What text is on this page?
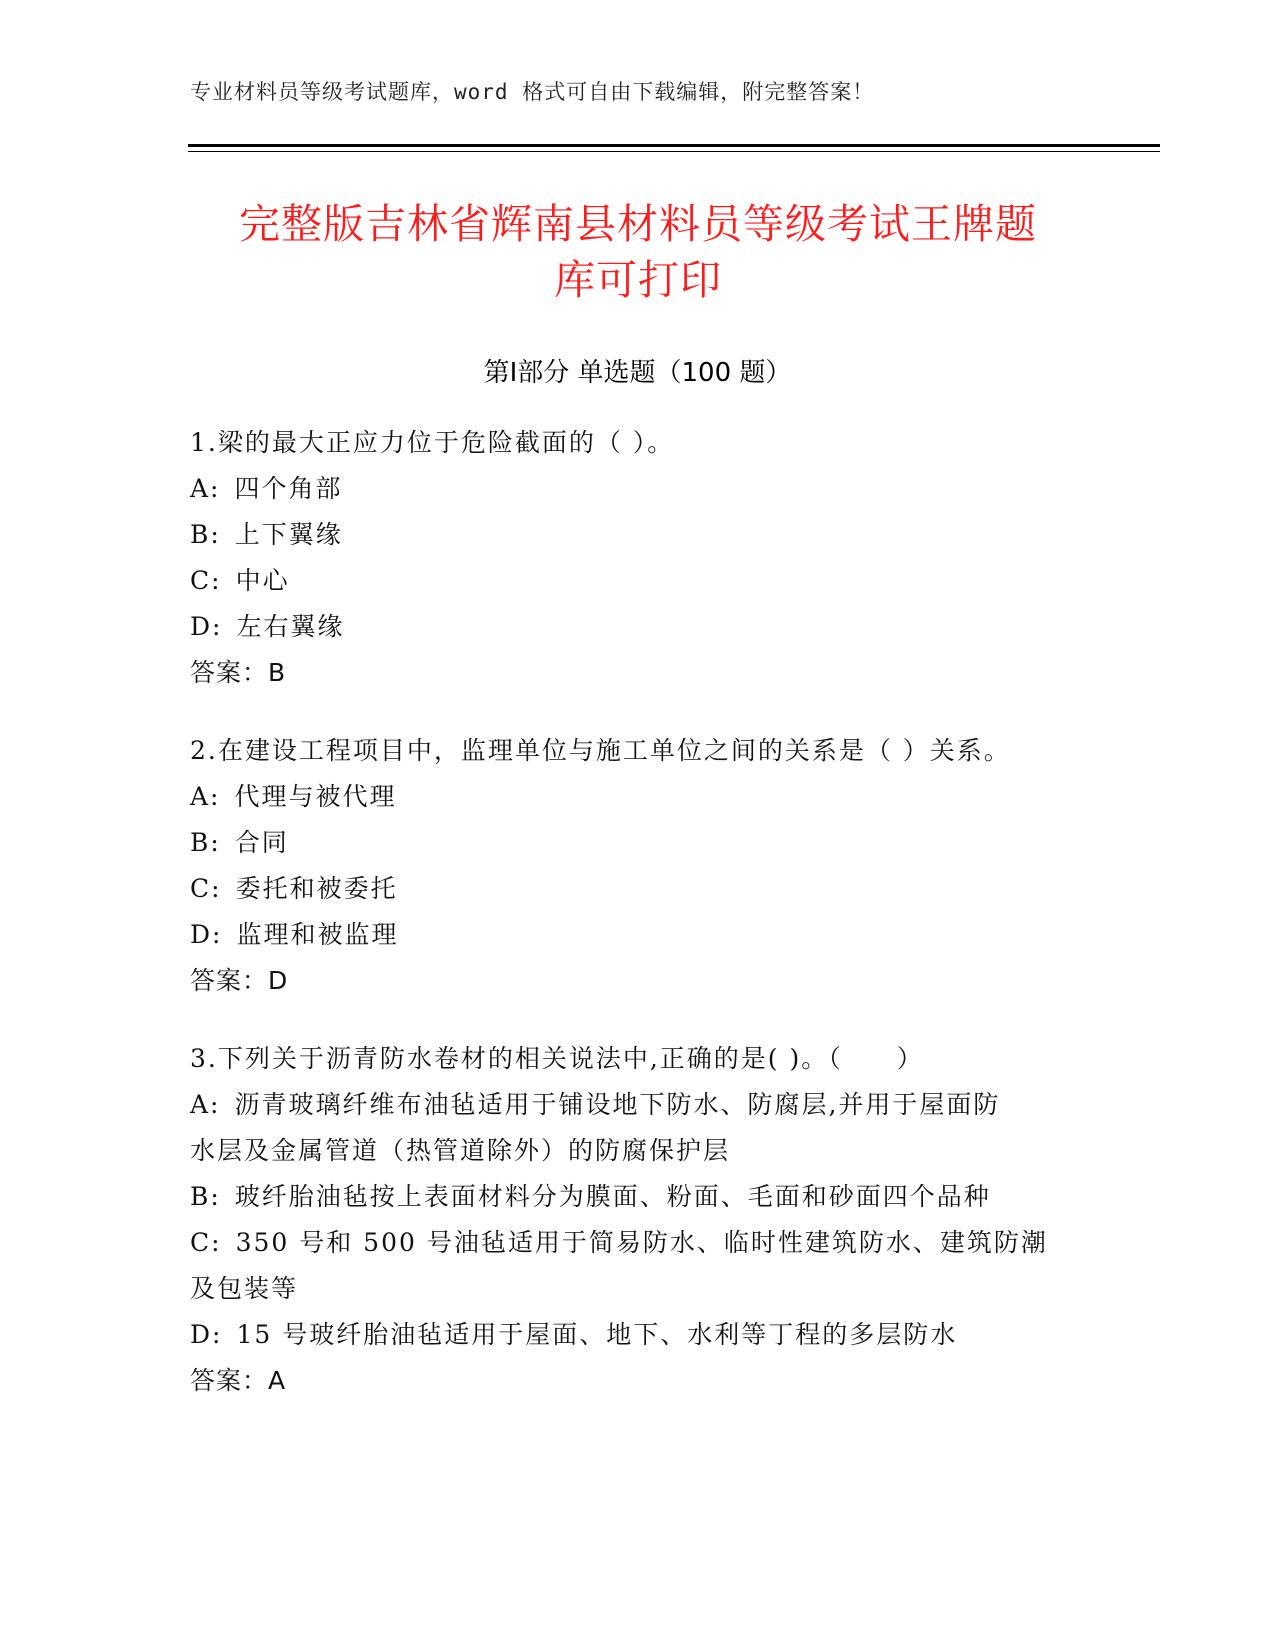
专业材料员等级考试题库，word 格式可自由下载编辑，附完整答案！
完整版吉林省辉南县材料员等级考试王牌题
库可打印
第Ⅰ部分 单选题（100 题）
1.梁的最大正应力位于危险截面的（ ）。
A: 四个角部
B: 上下翼缘
C: 中心
D: 左右翼缘
答案：B
2.在建设工程项目中，监理单位与施工单位之间的关系是（ ）关系。
A: 代理与被代理
B: 合同
C: 委托和被委托
D: 监理和被监理
答案：D
3.下列关于沥青防水卷材的相关说法中,正确的是( )。（　　）
A: 沥青玻璃纤维布油毡适用于铺设地下防水、防腐层,并用于屋面防
水层及金属管道（热管道除外）的防腐保护层
B: 玻纤胎油毡按上表面材料分为膜面、粉面、毛面和砂面四个品种
C: 350 号和 500 号油毡适用于简易防水、临时性建筑防水、建筑防潮
及包装等
D: 15 号玻纤胎油毡适用于屋面、地下、水利等丁程的多层防水
答案：A
